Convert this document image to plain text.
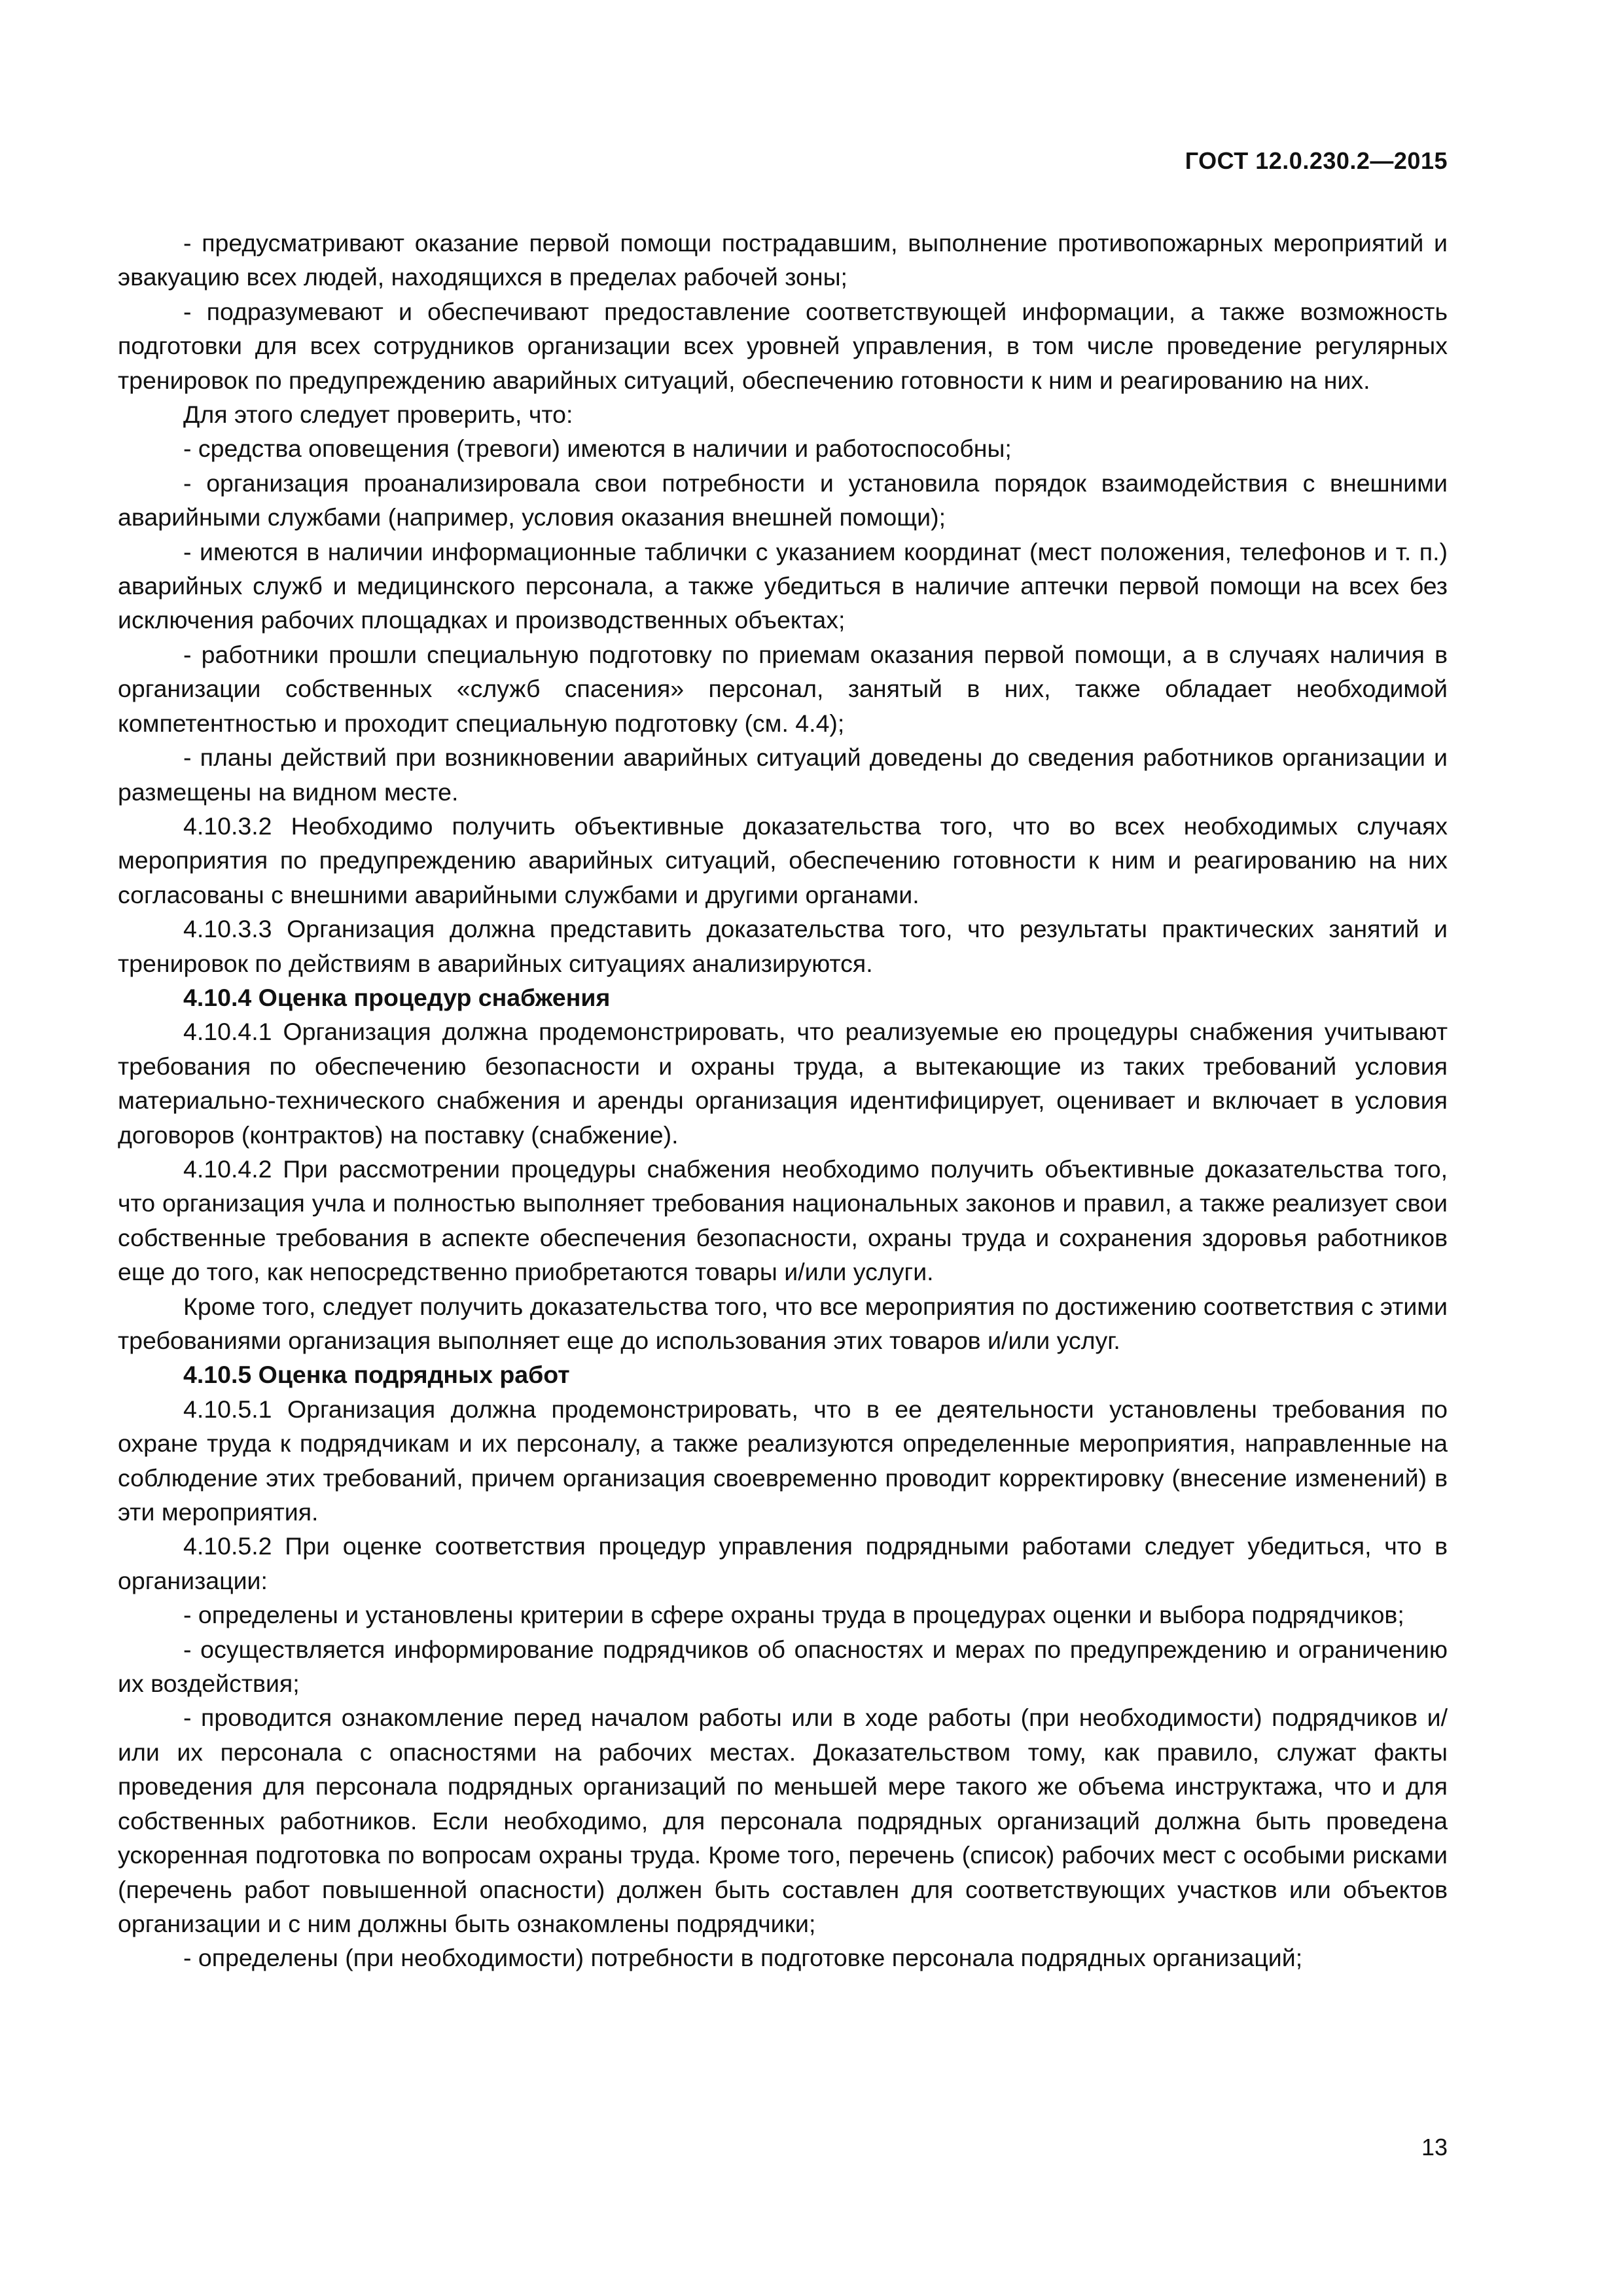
ГОСТ 12.0.230.2—2015

- предусматривают оказание первой помощи пострадавшим, выполнение противопожарных мероприятий и эвакуацию всех людей, находящихся в пределах рабочей зоны;

- подразумевают и обеспечивают предоставление соответствующей информации, а также возможность подготовки для всех сотрудников организации всех уровней управления, в том числе проведение регулярных тренировок по предупреждению аварийных ситуаций, обеспечению готовности к ним и реагированию на них.

Для этого следует проверить, что:

- средства оповещения (тревоги) имеются в наличии и работоспособны;

- организация проанализировала свои потребности и установила порядок взаимодействия с внешними аварийными службами (например, условия оказания внешней помощи);

- имеются в наличии информационные таблички с указанием координат (мест положения, телефонов и т. п.) аварийных служб и медицинского персонала, а также убедиться в наличие аптечки первой помощи на всех без исключения рабочих площадках и производственных объектах;

- работники прошли специальную подготовку по приемам оказания первой помощи, а в случаях наличия в организации собственных «служб спасения» персонал, занятый в них, также обладает необходимой компетентностью и проходит специальную подготовку (см. 4.4);

- планы действий при возникновении аварийных ситуаций доведены до сведения работников организации и размещены на видном месте.

4.10.3.2 Необходимо получить объективные доказательства того, что во всех необходимых случаях мероприятия по предупреждению аварийных ситуаций, обеспечению готовности к ним и реагированию на них согласованы с внешними аварийными службами и другими органами.

4.10.3.3 Организация должна представить доказательства того, что результаты практических занятий и тренировок по действиям в аварийных ситуациях анализируются.

4.10.4 Оценка процедур снабжения

4.10.4.1 Организация должна продемонстрировать, что реализуемые ею процедуры снабжения учитывают требования по обеспечению безопасности и охраны труда, а вытекающие из таких требований условия материально-технического снабжения и аренды организация идентифицирует, оценивает и включает в условия договоров (контрактов) на поставку (снабжение).

4.10.4.2 При рассмотрении процедуры снабжения необходимо получить объективные доказательства того, что организация учла и полностью выполняет требования национальных законов и правил, а также реализует свои собственные требования в аспекте обеспечения безопасности, охраны труда и сохранения здоровья работников еще до того, как непосредственно приобретаются товары и/или услуги.

Кроме того, следует получить доказательства того, что все мероприятия по достижению соответствия с этими требованиями организация выполняет еще до использования этих товаров и/или услуг.

4.10.5 Оценка подрядных работ

4.10.5.1 Организация должна продемонстрировать, что в ее деятельности установлены требования по охране труда к подрядчикам и их персоналу, а также реализуются определенные мероприятия, направленные на соблюдение этих требований, причем организация своевременно проводит корректировку (внесение изменений) в эти мероприятия.

4.10.5.2 При оценке соответствия процедур управления подрядными работами следует убедиться, что в организации:

- определены и установлены критерии в сфере охраны труда в процедурах оценки и выбора подрядчиков;

- осуществляется информирование подрядчиков об опасностях и мерах по предупреждению и ограничению их воздействия;

- проводится ознакомление перед началом работы или в ходе работы (при необходимости) подрядчиков и/или их персонала с опасностями на рабочих местах. Доказательством тому, как правило, служат факты проведения для персонала подрядных организаций по меньшей мере такого же объема инструктажа, что и для собственных работников. Если необходимо, для персонала подрядных организаций должна быть проведена ускоренная подготовка по вопросам охраны труда. Кроме того, перечень (список) рабочих мест с особыми рисками (перечень работ повышенной опасности) должен быть составлен для соответствующих участков или объектов организации и с ним должны быть ознакомлены подрядчики;

- определены (при необходимости) потребности в подготовке персонала подрядных организаций;

13
